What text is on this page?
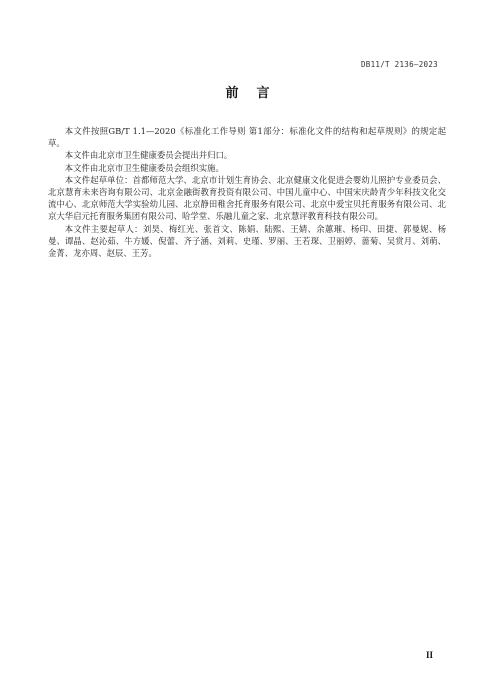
DB11/T 2136—2023
前言

本文件按照GB/T 1.1—2020《标准化工作导则 第1部分：标准化文件的结构和起草规则》的规定起草。

本文件由北京市卫生健康委员会提出并归口。

本文件由北京市卫生健康委员会组织实施。

本文件起草单位：首都师范大学、北京市计划生育协会、北京健康文化促进会婴幼儿照护专业委员会、北京慧育未来咨询有限公司、北京金融街教育投资有限公司、中国儿童中心、中国宋庆龄青少年科技文化交流中心、北京师范大学实验幼儿园、北京静田稚舍托育服务有限公司、北京中爱宝贝托育服务有限公司、北京大华启元托育服务集团有限公司、哈学堂、乐融儿童之家、北京慧评教育科技有限公司。

本文件主要起草人：刘昊、梅红光、张首文、陈娟、陆熙、王婧、余蕙璀、杨印、田捷、郭曼妮、杨曼、谭晶、赵沁茹、牛方媛、倪蕾、齐子涵、刘莉、史瑾、罗丽、王若琛、卫丽婷、蔷菊、吴赏月、刘萌、金菁、龙亦周、赵辰、王芳。

II
